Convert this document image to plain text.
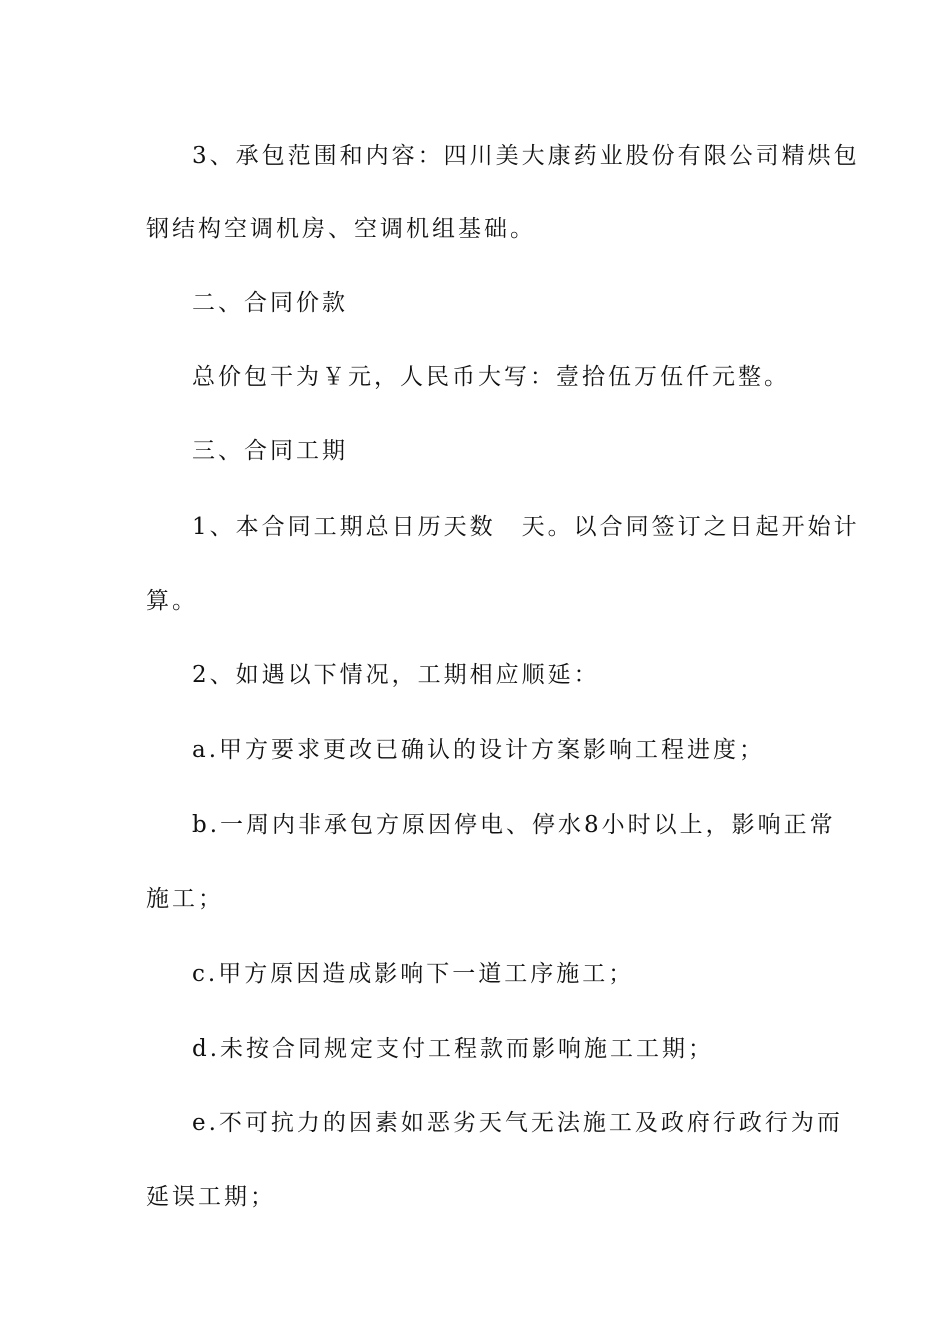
3、承包范围和内容：四川美大康药业股份有限公司精烘包
钢结构空调机房、空调机组基础。
二、合同价款
总价包干为￥元，人民币大写：壹拾伍万伍仟元整。
三、合同工期
1、本合同工期总日历天数　天。以合同签订之日起开始计
算。
2、如遇以下情况，工期相应顺延：
a.甲方要求更改已确认的设计方案影响工程进度；
b.一周内非承包方原因停电、停水8小时以上，影响正常
施工；
c.甲方原因造成影响下一道工序施工；
d.未按合同规定支付工程款而影响施工工期；
e.不可抗力的因素如恶劣天气无法施工及政府行政行为而
延误工期；
